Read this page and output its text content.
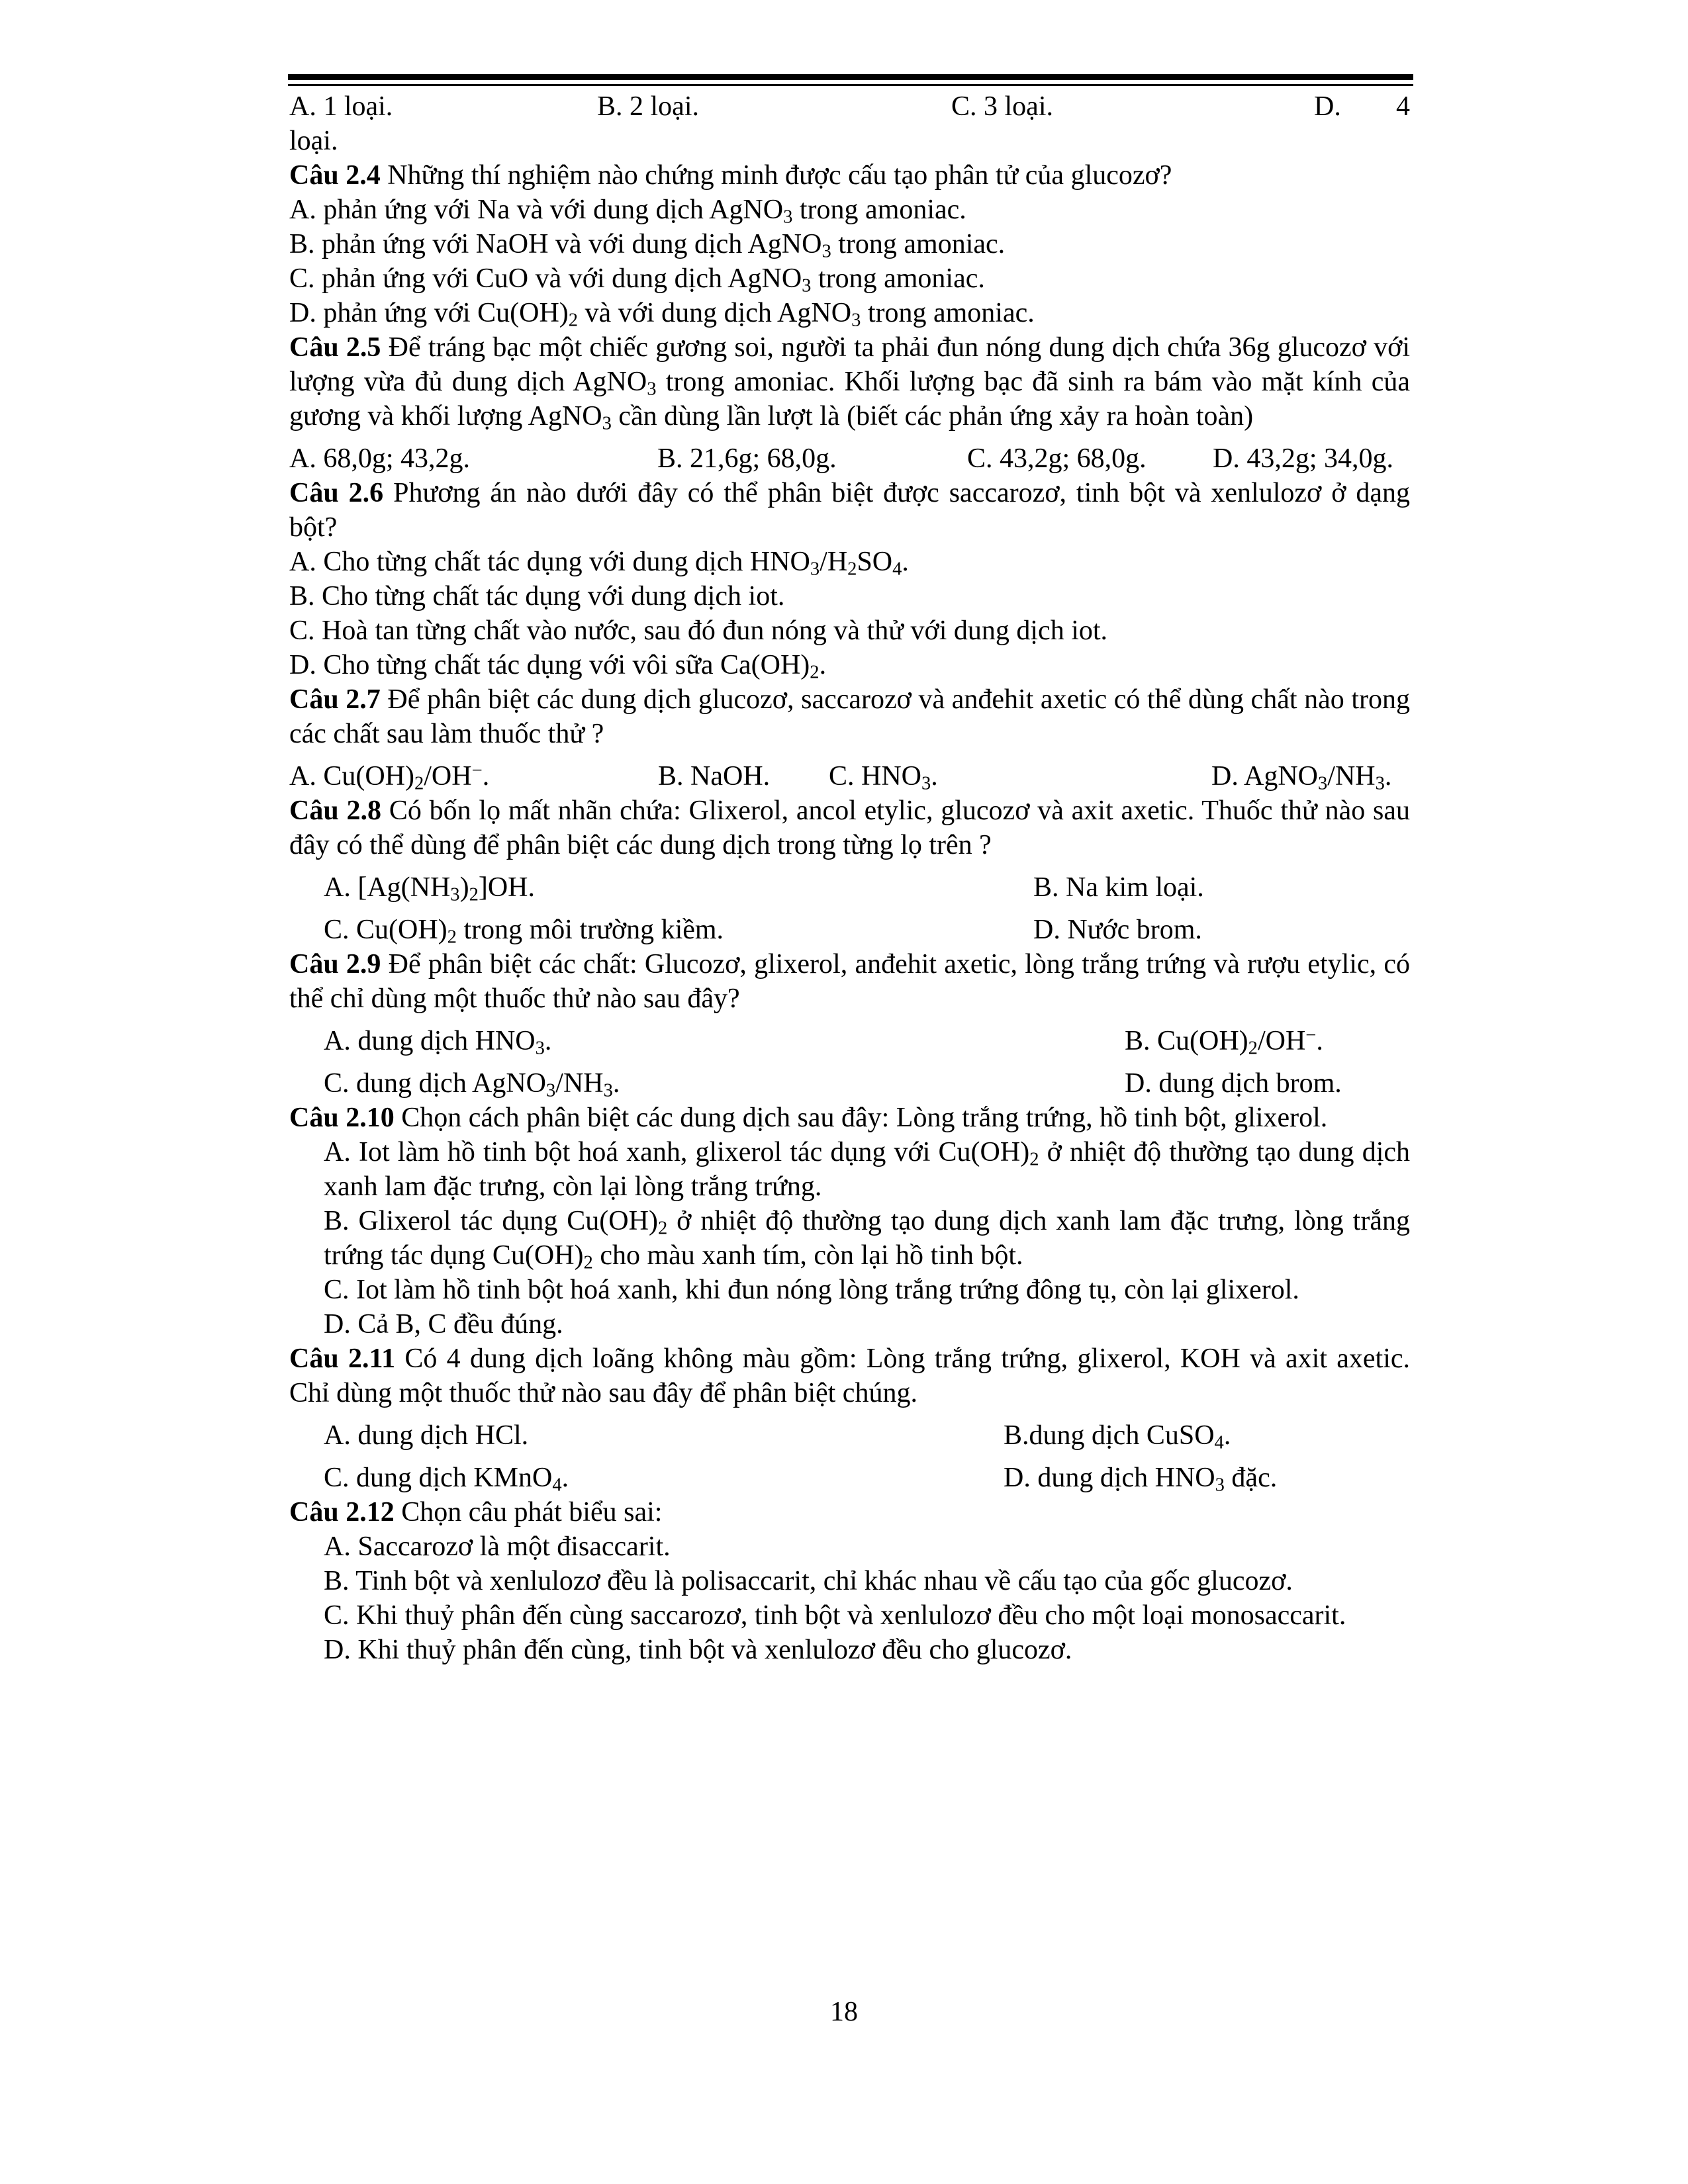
A. 1 loại.	B. 2 loại.	C. 3 loại.	D. 4

loại.

Câu 2.4 Những thí nghiệm nào chứng minh được cấu tạo phân tử của glucozơ?

A. phản ứng với Na và với dung dịch AgNO$_3$ trong amoniac.

B. phản ứng với NaOH và với dung dịch AgNO$_3$ trong amoniac.

C. phản ứng với CuO và với dung dịch AgNO$_3$ trong amoniac.

D. phản ứng với $Cu(OH)_2$ và với dung dịch AgNO$_3$ trong amoniac.

Câu 2.5 Để tráng bạc một chiếc gương soi, người ta phải đun nóng dung dịch chứa 36g glucozơ với lượng vừa đủ dung dịch AgNO$_3$ trong amoniac. Khối lượng bạc đã sinh ra bám vào mặt kính của gương và khối lượng AgNO$_3$ cần dùng lần lượt là (biết các phản ứng xảy ra hoàn toàn)

A. 68,0g; 43,2g.	B. 21,6g; 68,0g.	C. 43,2g; 68,0g. D. 43,2g; 34,0g.

Câu 2.6 Phương án nào dưới đây có thể phân biệt được saccarozơ, tinh bột và xenlulozơ ở dạng bột?

A. Cho từng chất tác dụng với dung dịch $HNO_3/H_2SO_4$.

B. Cho từng chất tác dụng với dung dịch iot.

C. Hoà tan từng chất vào nước, sau đó đun nóng và thử với dung dịch iot.

D. Cho từng chất tác dụng với vôi sữa $Ca(OH)_2$.

Câu 2.7 Để phân biệt các dung dịch glucozơ, saccarozơ và anđehit axetic có thể dùng chất nào trong các chất sau làm thuốc thử ?

A. $Cu(OH)_2/OH^-$.	B. NaOH. C. $HNO_3$.	D. $AgNO_3/NH_3$.

Câu 2.8 Có bốn lọ mất nhãn chứa: Glixerol, ancol etylic, glucozơ và axit axetic. Thuốc thử nào sau đây có thể dùng để phân biệt các dung dịch trong từng lọ trên ?

A. $[Ag(NH_3)_2]OH$.	B. Na kim loại.
C. $Cu(OH)_2$ trong môi trường kiềm.	D. Nước brom.

Câu 2.9 Để phân biệt các chất: Glucozơ, glixerol, anđehit axetic, lòng trắng trứng và rượu etylic, có thể chỉ dùng một thuốc thử nào sau đây?

A. dung dịch $HNO_3$.	B. $Cu(OH)_2/OH^-$.
C. dung dịch $AgNO_3/NH_3$.	D. dung dịch brom.

Câu 2.10 Chọn cách phân biệt các dung dịch sau đây: Lòng trắng trứng, hồ tinh bột, glixerol.

A. Iot làm hồ tinh bột hoá xanh, glixerol tác dụng với $Cu(OH)_2$ ở nhiệt độ thường tạo dung dịch xanh lam đặc trưng, còn lại lòng trắng trứng.

B. Glixerol tác dụng $Cu(OH)_2$ ở nhiệt độ thường tạo dung dịch xanh lam đặc trưng, lòng trắng trứng tác dụng $Cu(OH)_2$ cho màu xanh tím, còn lại hồ tinh bột.

C. Iot làm hồ tinh bột hoá xanh, khi đun nóng lòng trắng trứng đông tụ, còn lại glixerol.

D. Cả B, C đều đúng.

Câu 2.11 Có 4 dung dịch loãng không màu gồm: Lòng trắng trứng, glixerol, KOH và axit axetic. Chỉ dùng một thuốc thử nào sau đây để phân biệt chúng.

A. dung dịch HCl.	B.dung dịch CuSO$_4$.
C. dung dịch KMnO$_4$.	D. dung dịch $HNO_3$ đặc.

Câu 2.12 Chọn câu phát biểu sai:

A. Saccarozơ là một đisaccarit.

B. Tinh bột và xenlulozơ đều là polisaccarit, chỉ khác nhau về cấu tạo của gốc glucozơ.

C. Khi thuỷ phân đến cùng saccarozơ, tinh bột và xenlulozơ đều cho một loại monosaccarit.

D. Khi thuỷ phân đến cùng, tinh bột và xenlulozơ đều cho glucozơ.

18
